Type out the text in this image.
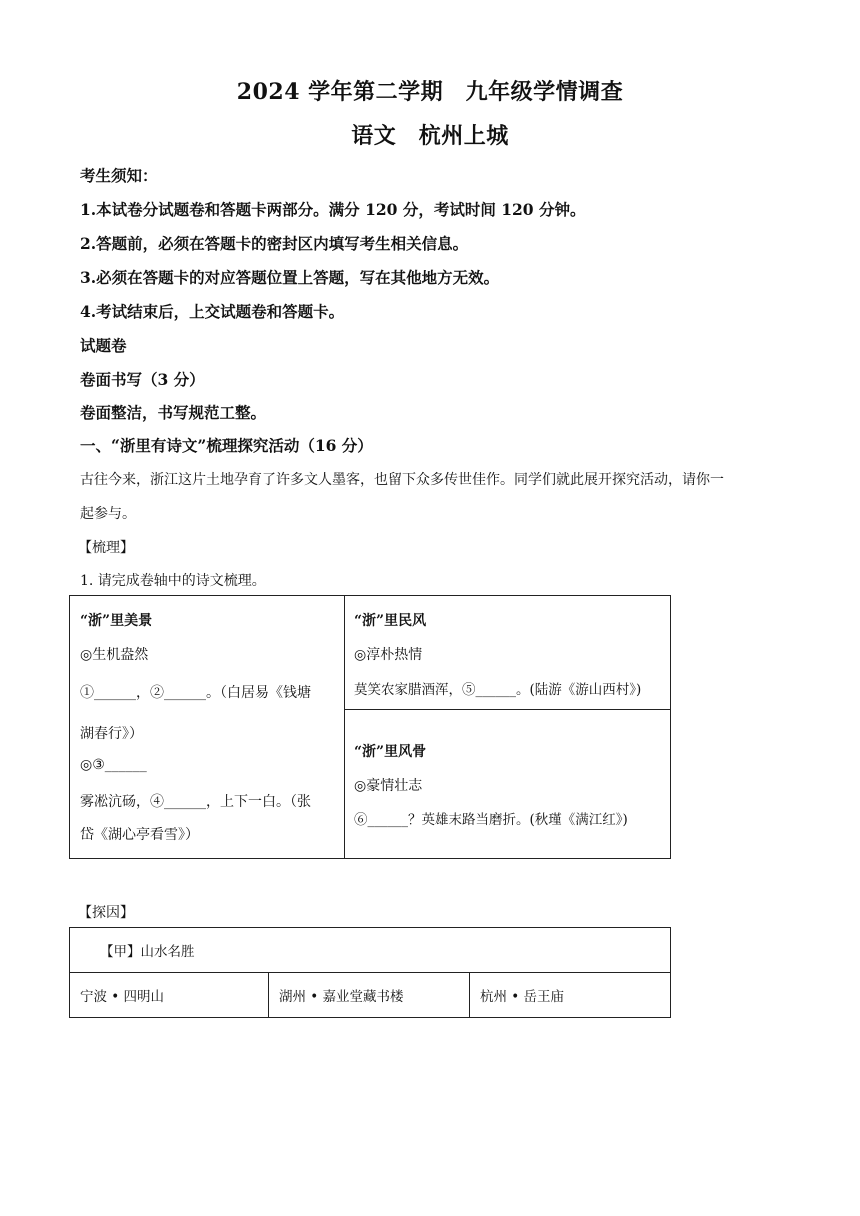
2024 学年第二学期　九年级学情调查
语文　杭州上城
考生须知：
1.本试卷分试题卷和答题卡两部分。满分 120 分，考试时间 120 分钟。
2.答题前，必须在答题卡的密封区内填写考生相关信息。
3.必须在答题卡的对应答题位置上答题，写在其他地方无效。
4.考试结束后，上交试题卷和答题卡。
试题卷
卷面书写（3 分）
卷面整洁，书写规范工整。
一、“浙里有诗文”梳理探究活动（16 分）
古往今来，浙江这片土地孕育了许多文人墨客，也留下众多传世佳作。同学们就此展开探究活动，请你一
起参与。
【梳理】
1. 请完成卷轴中的诗文梳理。
“浙”里美景
◎生机盎然
①______，②______。（白居易《钱塘
湖春行》）
◎③______
雾凇沆砀，④______，上下一白。（张
岱《湖心亭看雪》）
“浙”里民风
◎淳朴热情
莫笑农家腊酒浑，⑤______。(陆游《游山西村》)
“浙”里风骨
◎豪情壮志
⑥______？英雄末路当磨折。(秋瑾《满江红》)
【探因】
【甲】山水名胜
宁波 • 四明山	湖州 • 嘉业堂藏书楼	杭州 • 岳王庙
